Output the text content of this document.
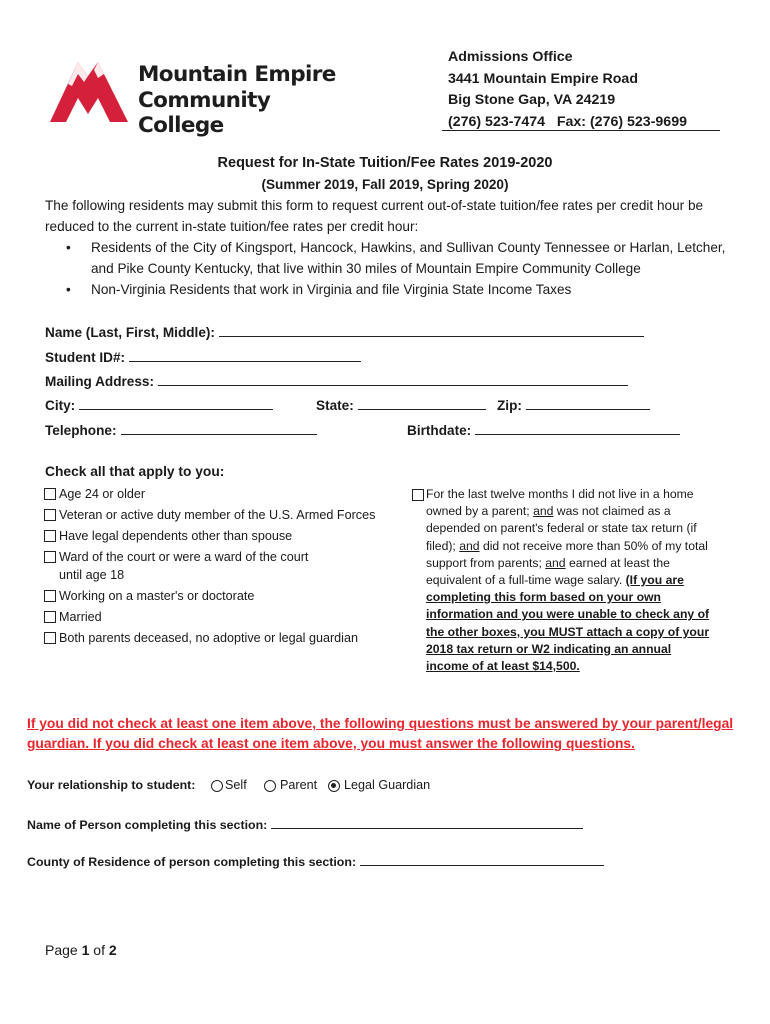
Mountain Empire
Community College
Admissions Office
3441 Mountain Empire Road
Big Stone Gap, VA 24219
(276) 523-7474   Fax: (276) 523-9699
Request for In-State Tuition/Fee Rates 2019-2020
(Summer 2019, Fall 2019, Spring 2020)
The following residents may submit this form to request current out-of-state tuition/fee rates per credit hour be reduced to the current in-state tuition/fee rates per credit hour:
• Residents of the City of Kingsport, Hancock, Hawkins, and Sullivan County Tennessee or Harlan, Letcher, and Pike County Kentucky, that live within 30 miles of Mountain Empire Community College
• Non-Virginia Residents that work in Virginia and file Virginia State Income Taxes
Name (Last, First, Middle):
Student ID#:
Mailing Address:
City:	State:	Zip:
Telephone:	Birthdate:
Check all that apply to you:
Age 24 or older
Veteran or active duty member of the U.S. Armed Forces
Have legal dependents other than spouse
Ward of the court or were a ward of the court
until age 18
Working on a master's or doctorate
Married
Both parents deceased, no adoptive or legal guardian
For the last twelve months I did not live in a home owned by a parent; and was not claimed as a depended on parent's federal or state tax return (if filed); and did not receive more than 50% of my total support from parents; and earned at least the equivalent of a full-time wage salary. (If you are completing this form based on your own information and you were unable to check any of the other boxes, you MUST attach a copy of your 2018 tax return or W2 indicating an annual income of at least $14,500.
If you did not check at least one item above, the following questions must be answered by your parent/legal guardian. If you did check at least one item above, you must answer the following questions.
Your relationship to student: Self	Parent Legal Guardian
Name of Person completing this section:
County of Residence of person completing this section:
Page 1 of 2
